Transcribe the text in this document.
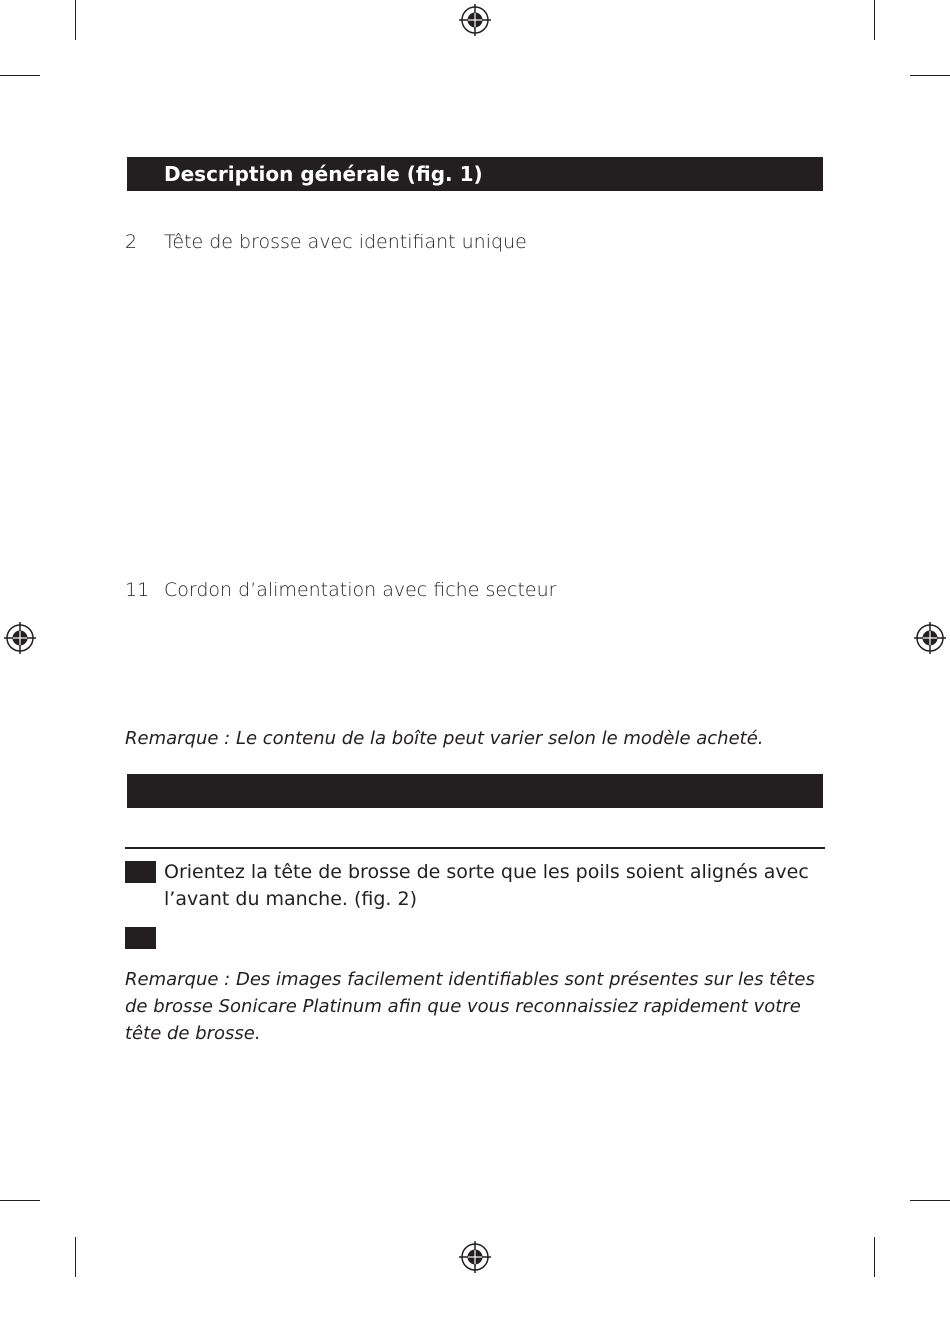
Description générale (fig. 1)
2 Tête de brosse avec identifiant unique
11 Cordon d’alimentation avec fiche secteur
Remarque : Le contenu de la boîte peut varier selon le modèle acheté.
Orientez la tête de brosse de sorte que les poils soient alignés avec l’avant du manche. (fig. 2)
Remarque : Des images facilement identifiables sont présentes sur les têtes de brosse Sonicare Platinum afin que vous reconnaissiez rapidement votre tête de brosse.
